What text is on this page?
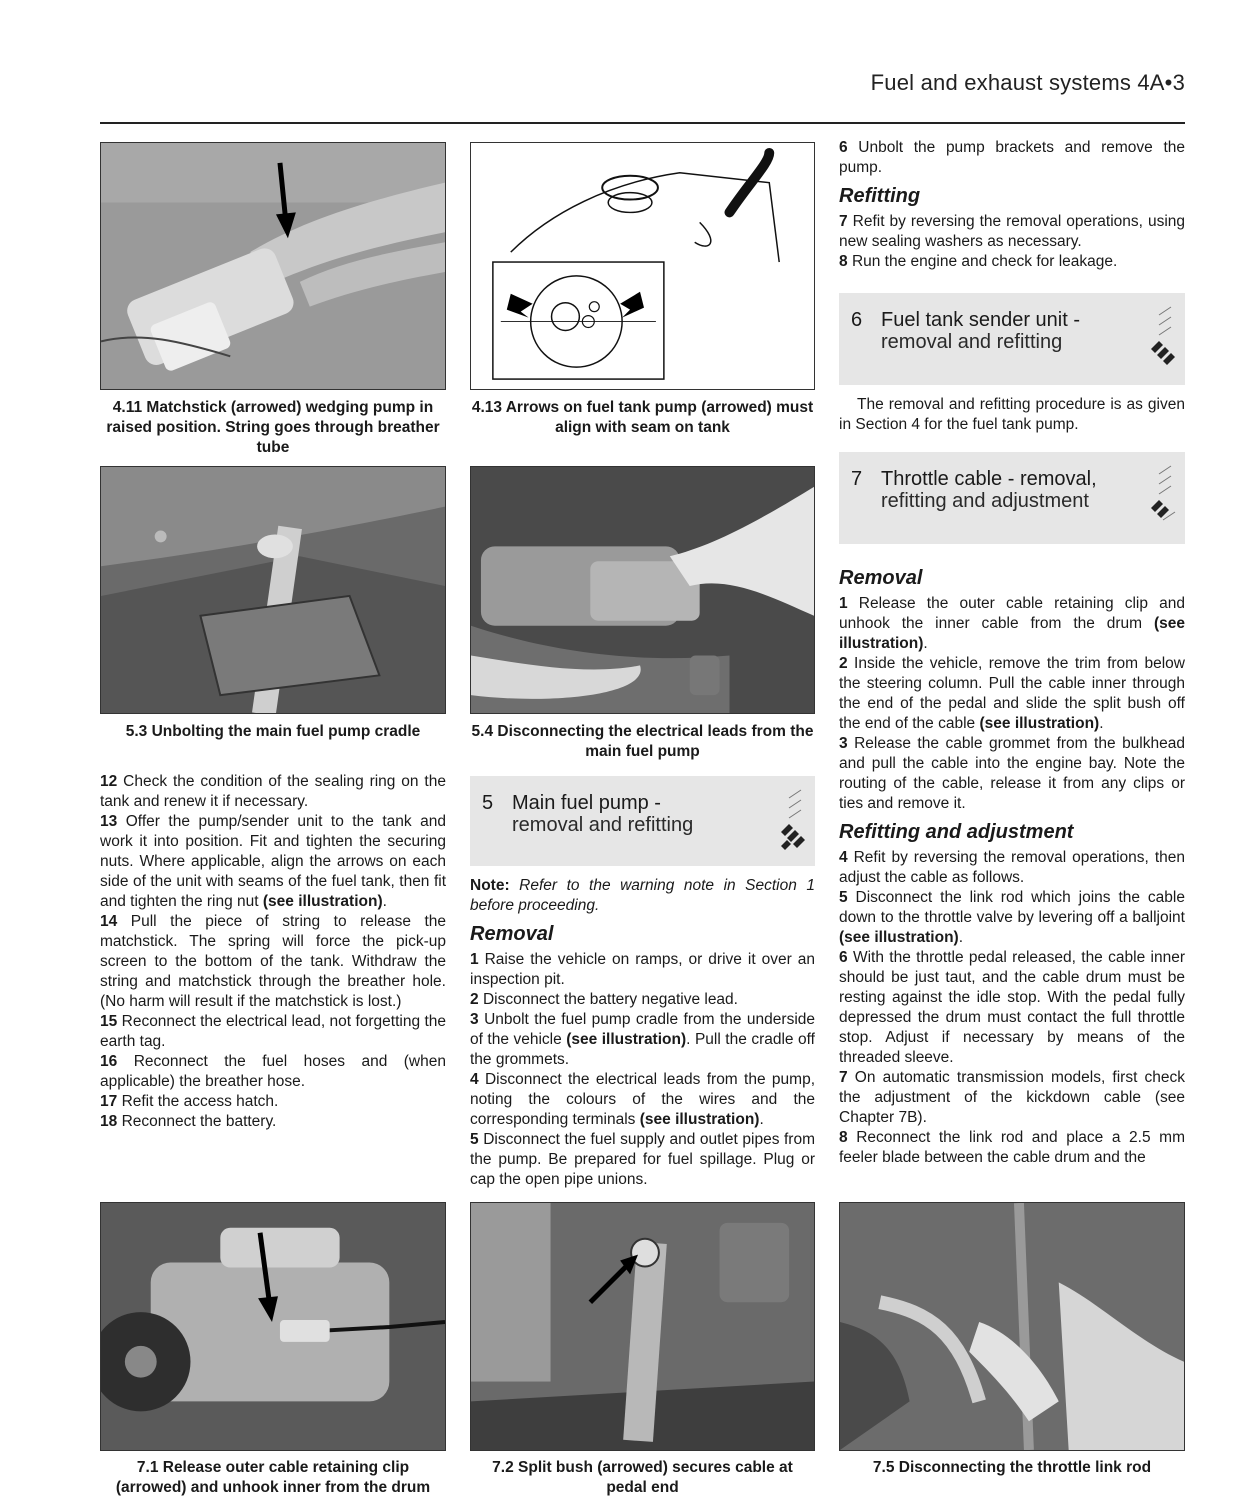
Fuel and exhaust systems 4A•3
4.11 Matchstick (arrowed) wedging pump in raised position. String goes through breather tube
4.13 Arrows on fuel tank pump (arrowed) must align with seam on tank
5.3 Unbolting the main fuel pump cradle	5.4 Disconnecting the electrical leads from the main fuel pump

12 Check the condition of the sealing ring on the tank and renew it if necessary.

13 Offer the pump/sender unit to the tank and work it into position. Fit and tighten the securing nuts. Where applicable, align the arrows on each side of the unit with seams of the fuel tank, then fit and tighten the ring nut (see illustration).

14 Pull the piece of string to release the matchstick. The spring will force the pick-up screen to the bottom of the tank. Withdraw the string and matchstick through the breather hole. (No harm will result if the matchstick is lost.)

15 Reconnect the electrical lead, not forgetting the earth tag.

16 Reconnect the fuel hoses and (when applicable) the breather hose.

17 Refit the access hatch.

18 Reconnect the battery.

5 Main fuel pump -
removal and refitting

Note: Refer to the warning note in Section 1 before proceeding.

Removal

1 Raise the vehicle on ramps, or drive it over an inspection pit.

2 Disconnect the battery negative lead.

3 Unbolt the fuel pump cradle from the underside of the vehicle (see illustration). Pull the cradle off the grommets.

4 Disconnect the electrical leads from the pump, noting the colours of the wires and the corresponding terminals (see illustration).

5 Disconnect the fuel supply and outlet pipes from the pump. Be prepared for fuel spillage. Plug or cap the open pipe unions.

6 Unbolt the pump brackets and remove the pump.

Refitting

7 Refit by reversing the removal operations, using new sealing washers as necessary.

8 Run the engine and check for leakage.

6 Fuel tank sender unit -
removal and refitting

The removal and refitting procedure is as given in Section 4 for the fuel tank pump.

7 Throttle cable - removal,
refitting and adjustment
Removal

1 Release the outer cable retaining clip and unhook the inner cable from the drum (see illustration).

2 Inside the vehicle, remove the trim from below the steering column. Pull the cable inner through the end of the pedal and slide the split bush off the end of the cable (see illustration).

3 Release the cable grommet from the bulkhead and pull the cable into the engine bay. Note the routing of the cable, release it from any clips or ties and remove it.

Refitting and adjustment

4 Refit by reversing the removal operations, then adjust the cable as follows.

5 Disconnect the link rod which joins the cable down to the throttle valve by levering off a balljoint (see illustration).

6 With the throttle pedal released, the cable inner should be just taut, and the cable drum must be resting against the idle stop. With the pedal fully depressed the drum must contact the full throttle stop. Adjust if necessary by means of the threaded sleeve.

7 On automatic transmission models, first check the adjustment of the kickdown cable (see Chapter 7B).

8 Reconnect the link rod and place a 2.5 mm feeler blade between the cable drum and the

7.1 Release outer cable retaining clip (arrowed) and unhook inner from the drum
7.2 Split bush (arrowed) secures cable at pedal end
7.5 Disconnecting the throttle link rod
